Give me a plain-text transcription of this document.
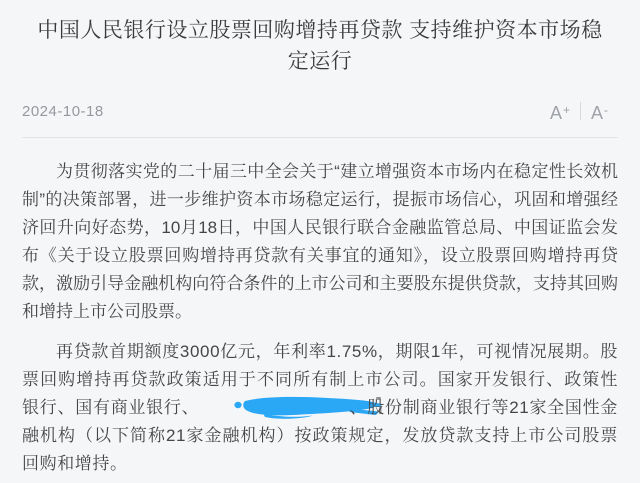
中国人民银行设立股票回购增持再贷款 支持维护资本市场稳定运行
2024-10-18	A+	A-

为贯彻落实党的二十届三中全会关于“建立增强资本市场内在稳定性长效机制”的决策部署，进一步维护资本市场稳定运行，提振市场信心，巩固和增强经济回升向好态势，10月18日，中国人民银行联合金融监管总局、中国证监会发布《关于设立股票回购增持再贷款有关事宜的通知》，设立股票回购增持再贷款，激励引导金融机构向符合条件的上市公司和主要股东提供贷款，支持其回购和增持上市公司股票。

再贷款首期额度3000亿元，年利率1.75%，期限1年，可视情况展期。股票回购增持再贷款政策适用于不同所有制上市公司。国家开发银行、政策性银行、国有商业银行、	、股份制商业银行等21家全国性金融机构（以下简称21家金融机构）按政策规定，发放贷款支持上市公司股票回购和增持。
